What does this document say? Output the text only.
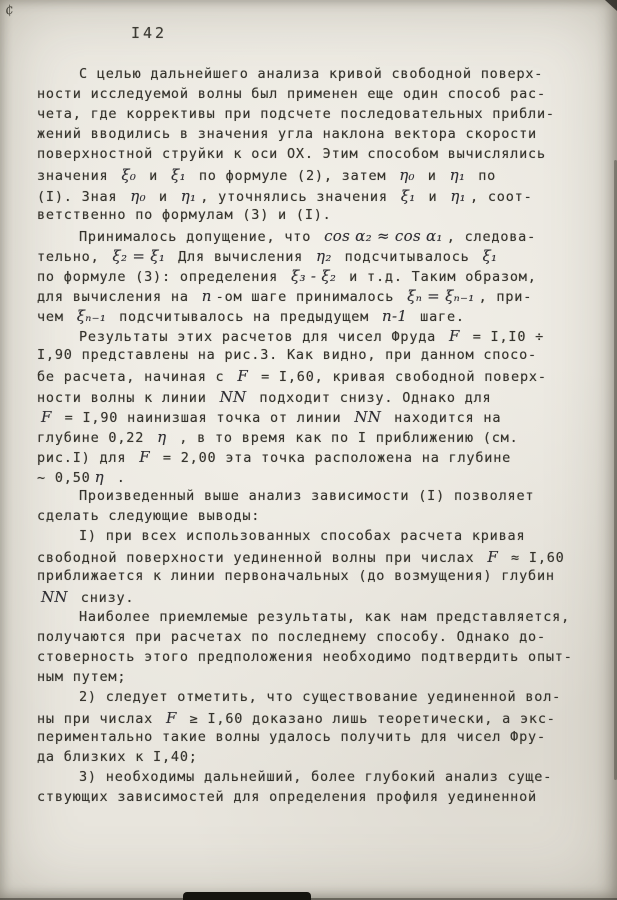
¢
I42
С целью дальнейшего анализа кривой свободной поверх-
ности исследуемой волны был применен еще один способ рас-
чета, где коррективы при подсчете последовательных прибли-
жений вводились в значения угла наклона вектора скорости
поверхностной струйки к оси ОХ. Этим способом вычислялись
значения ξ₀ и ξ₁ по формуле (2), затем η₀ и η₁ по
(I). Зная η₀ и η₁ , уточнялись значения ξ₁ и η₁ , соот-
ветственно по формулам (3) и (I).
Принималось допущение, что cos α₂ ≈ cos α₁ , следова-
тельно, ξ₂ = ξ₁ Для вычисления η₂ подсчитывалось ξ₁
по формуле (3): определения ξ₃ - ξ₂ и т.д. Таким образом,
для вычисления на n -ом шаге принималось ξₙ = ξₙ₋₁ , при-
чем ξₙ₋₁ подсчитывалось на предыдущем n-1 шаге.
Результаты этих расчетов для чисел Фруда F = I,I0 ÷
I,90 представлены на рис.3. Как видно, при данном спосо-
бе расчета, начиная с F = I,60, кривая свободной поверх-
ности волны к линии NN подходит снизу. Однако для
F = I,90 наинизшая точка от линии NN находится на
глубине 0,22 η , в то время как по I приближению (см.
рис.I) для F = 2,00 эта точка расположена на глубине
~ 0,50 η .
Произведенный выше анализ зависимости (I) позволяет
сделать следующие выводы:
I) при всех использованных способах расчета кривая
свободной поверхности уединенной волны при числах F ≈ I,60
приближается к линии первоначальных (до возмущения) глубин
NN снизу.
Наиболее приемлемые результаты, как нам представляется,
получаются при расчетах по последнему способу. Однако до-
стоверность этого предположения необходимо подтвердить опыт-
ным путем;
2) следует отметить, что существование уединенной вол-
ны при числах F ≥ I,60 доказано лишь теоретически, а экс-
периментально такие волны удалось получить для чисел Фру-
да близких к I,40;
3) необходимы дальнейший, более глубокий анализ суще-
ствующих зависимостей для определения профиля уединенной
